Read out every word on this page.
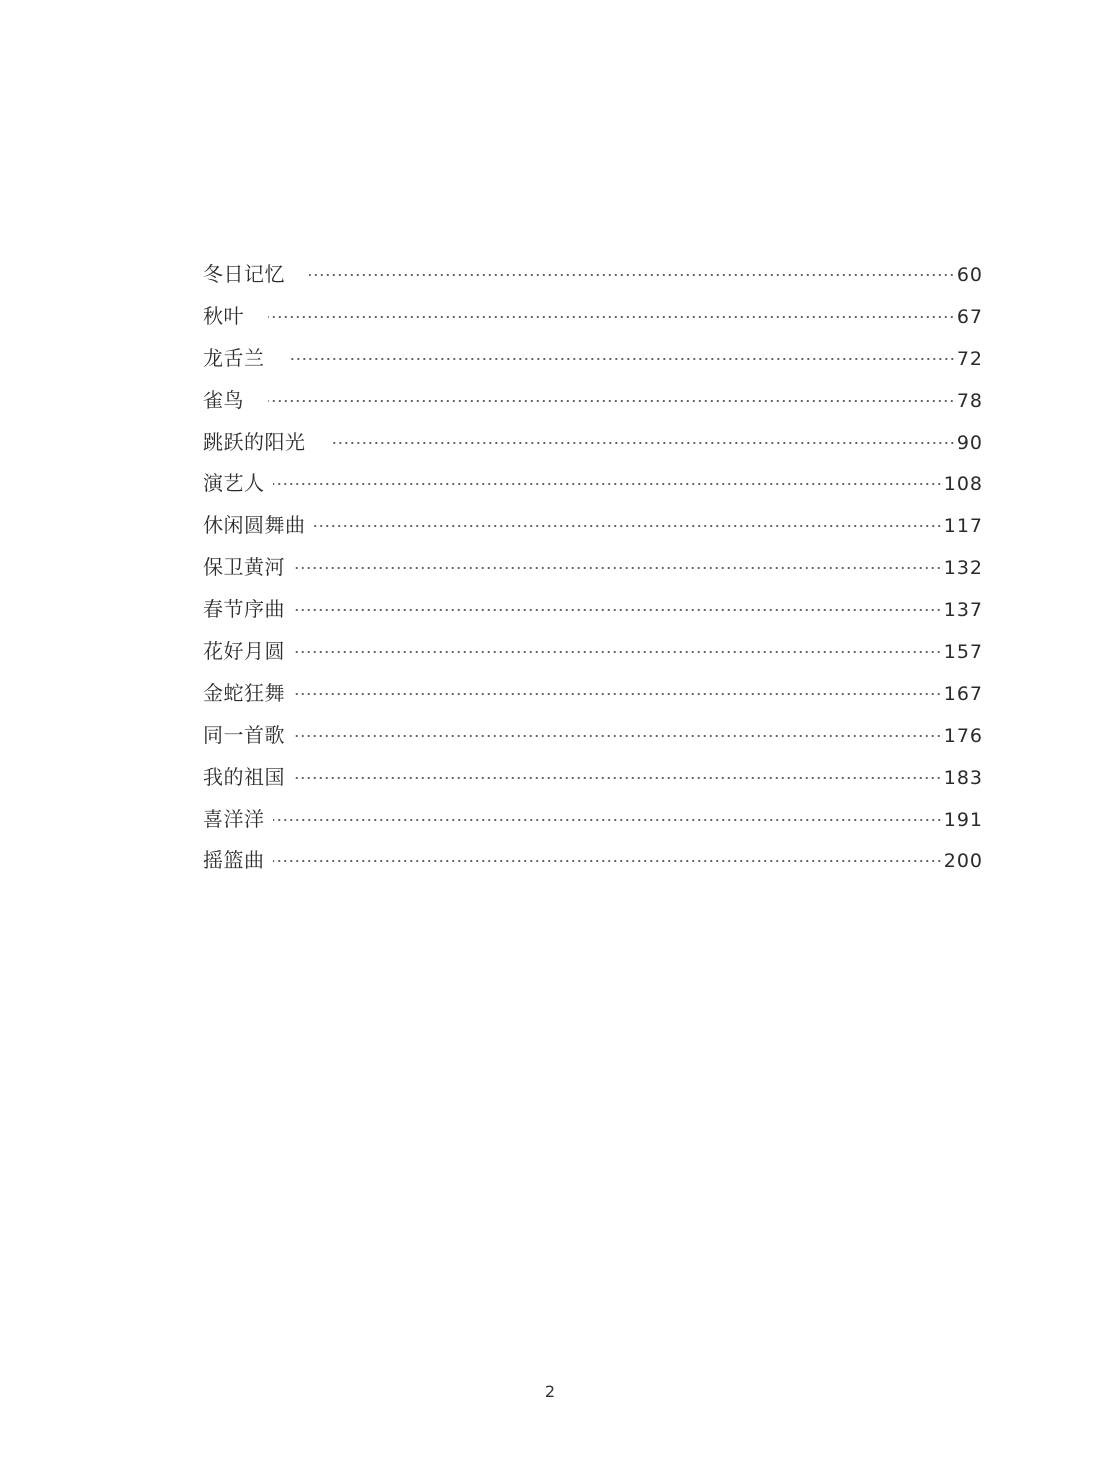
冬日记忆	60
秋叶	67
龙舌兰	72
雀鸟	78
跳跃的阳光	90
演艺人	108
休闲圆舞曲	117
保卫黄河	132
春节序曲	137
花好月圆	157
金蛇狂舞	167
同一首歌	176
我的祖国	183
喜洋洋	191
摇篮曲	200
2
